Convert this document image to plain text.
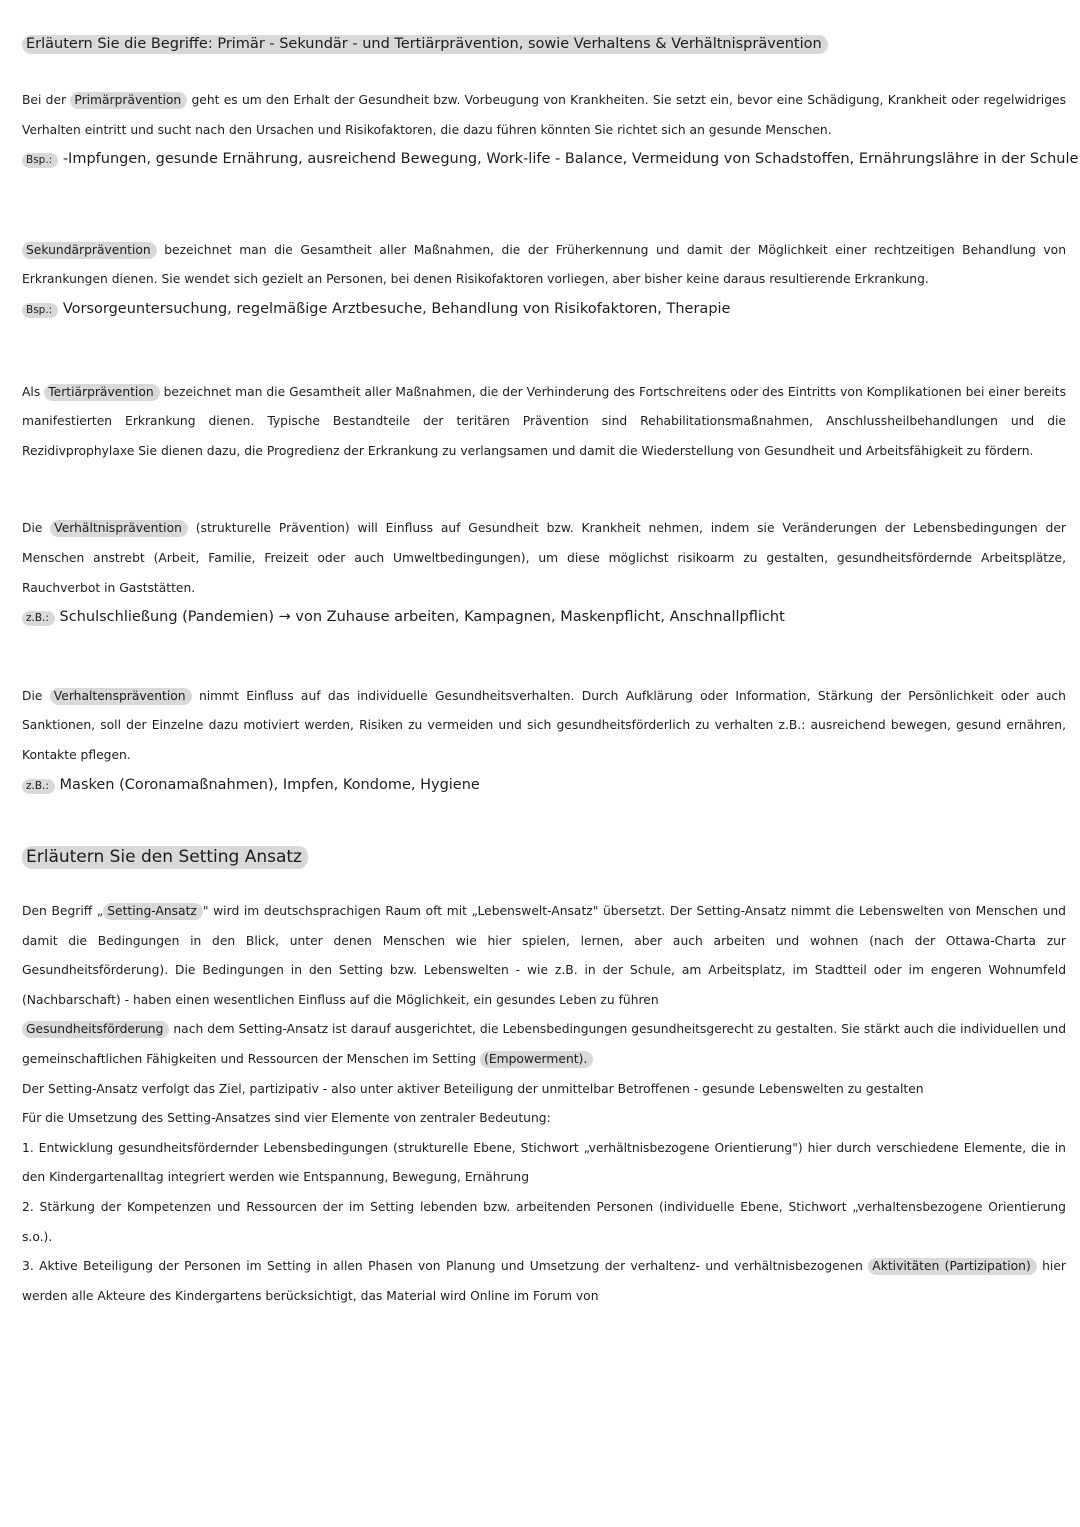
Erläutern Sie die Begriffe: Primär - Sekundär - und Tertiärprävention, sowie Verhaltens & Verhältnisprävention

Bei der Primärprävention geht es um den Erhalt der Gesundheit bzw. Vorbeugung von Krankheiten. Sie setzt ein, bevor eine Schädigung, Krankheit oder regelwidriges Verhalten eintritt und sucht nach den Ursachen und Risikofaktoren, die dazu führen könnten Sie richtet sich an gesunde Menschen.

Bsp.: -Impfungen, gesunde Ernährung, ausreichend Bewegung, Work-life - Balance, Vermeidung von Schadstoffen, Ernährungslähre in der Schule

Sekundärprävention bezeichnet man die Gesamtheit aller Maßnahmen, die der Früherkennung und damit der Möglichkeit einer rechtzeitigen Behandlung von Erkrankungen dienen. Sie wendet sich gezielt an Personen, bei denen Risikofaktoren vorliegen, aber bisher keine daraus resultierende Erkrankung.

Bsp.: Vorsorgeuntersuchung, regelmäßige Arztbesuche, Behandlung von Risikofaktoren, Therapie

Als Tertiärprävention bezeichnet man die Gesamtheit aller Maßnahmen, die der Verhinderung des Fortschreitens oder des Eintritts von Komplikationen bei einer bereits manifestierten Erkrankung dienen. Typische Bestandteile der teritären Prävention sind Rehabilitationsmaßnahmen, Anschlussheilbehandlungen und die Rezidivprophylaxe Sie dienen dazu, die Progredienz der Erkrankung zu verlangsamen und damit die Wiederstellung von Gesundheit und Arbeitsfähigkeit zu fördern.

Die Verhältnisprävention (strukturelle Prävention) will Einfluss auf Gesundheit bzw. Krankheit nehmen, indem sie Veränderungen der Lebensbedingungen der Menschen anstrebt (Arbeit, Familie, Freizeit oder auch Umweltbedingungen), um diese möglichst risikoarm zu gestalten, gesundheitsfördernde Arbeitsplätze, Rauchverbot in Gaststätten.

z.B.: Schulschließung (Pandemien) → von Zuhause arbeiten, Kampagnen, Maskenpflicht, Anschnallpflicht

Die Verhaltensprävention nimmt Einfluss auf das individuelle Gesundheitsverhalten. Durch Aufklärung oder Information, Stärkung der Persönlichkeit oder auch Sanktionen, soll der Einzelne dazu motiviert werden, Risiken zu vermeiden und sich gesundheitsförderlich zu verhalten z.B.: ausreichend bewegen, gesund ernähren, Kontakte pflegen.

z.B.: Masken (Coronamaßnahmen), Impfen, Kondome, Hygiene
Erläutern Sie den Setting Ansatz

Den Begriff „ Setting-Ansatz " wird im deutschsprachigen Raum oft mit „Lebenswelt-Ansatz" übersetzt. Der Setting-Ansatz nimmt die Lebenswelten von Menschen und damit die Bedingungen in den Blick, unter denen Menschen wie hier spielen, lernen, aber auch arbeiten und wohnen (nach der Ottawa-Charta zur Gesundheitsförderung). Die Bedingungen in den Setting bzw. Lebenswelten - wie z.B. in der Schule, am Arbeitsplatz, im Stadtteil oder im engeren Wohnumfeld (Nachbarschaft) - haben einen wesentlichen Einfluss auf die Möglichkeit, ein gesundes Leben zu führen

Gesundheitsförderung nach dem Setting-Ansatz ist darauf ausgerichtet, die Lebensbedingungen gesundheitsgerecht zu gestalten. Sie stärkt auch die individuellen und gemeinschaftlichen Fähigkeiten und Ressourcen der Menschen im Setting (Empowerment).

Der Setting-Ansatz verfolgt das Ziel, partizipativ - also unter aktiver Beteiligung der unmittelbar Betroffenen - gesunde Lebenswelten zu gestalten

Für die Umsetzung des Setting-Ansatzes sind vier Elemente von zentraler Bedeutung:

1. Entwicklung gesundheitsfördernder Lebensbedingungen (strukturelle Ebene, Stichwort „verhältnisbezogene Orientierung") hier durch verschiedene Elemente, die in den Kindergartenalltag integriert werden wie Entspannung, Bewegung, Ernährung

2. Stärkung der Kompetenzen und Ressourcen der im Setting lebenden bzw. arbeitenden Personen (individuelle Ebene, Stichwort „verhaltensbezogene Orientierung s.o.).

3. Aktive Beteiligung der Personen im Setting in allen Phasen von Planung und Umsetzung der verhaltenz- und verhältnisbezogenen Aktivitäten (Partizipation) hier werden alle Akteure des Kindergartens berücksichtigt, das Material wird Online im Forum von
